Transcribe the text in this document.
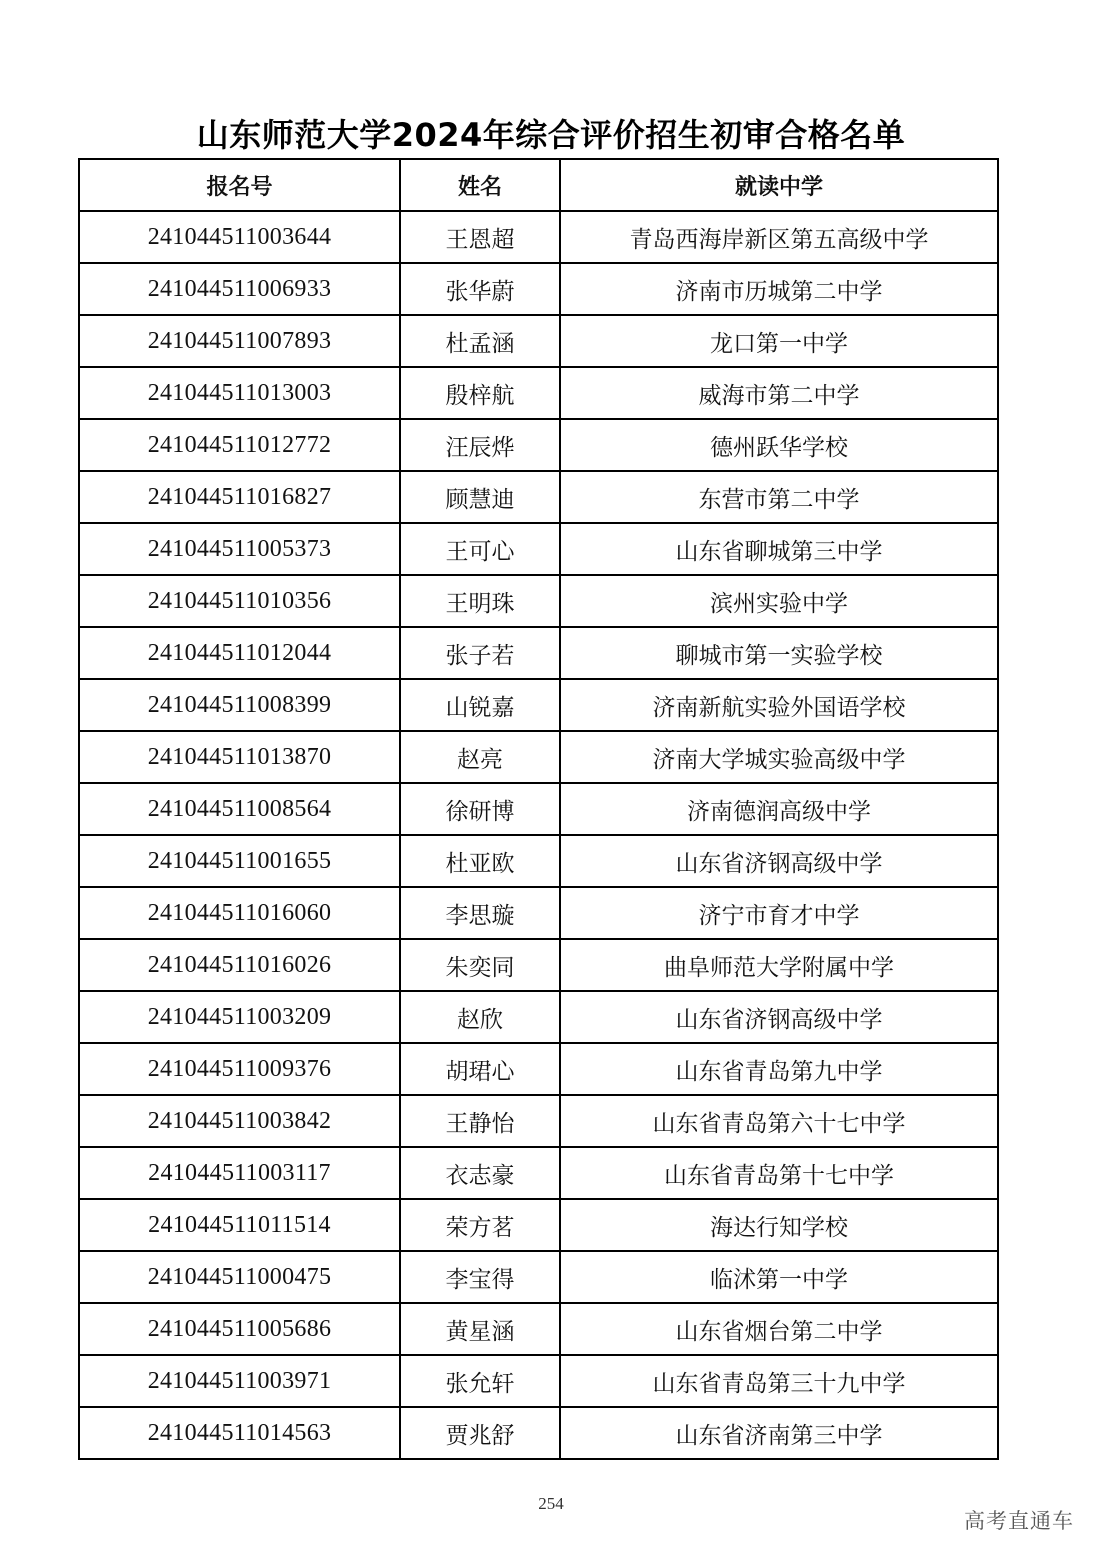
山东师范大学2024年综合评价招生初审合格名单
报名号	姓名	就读中学
241044511003644	王恩超	青岛西海岸新区第五高级中学
241044511006933	张华蔚	济南市历城第二中学
241044511007893	杜孟涵	龙口第一中学
241044511013003	殷梓航	威海市第二中学
241044511012772	汪辰烨	德州跃华学校
241044511016827	顾慧迪	东营市第二中学
241044511005373	王可心	山东省聊城第三中学
241044511010356	王明珠	滨州实验中学
241044511012044	张子若	聊城市第一实验学校
241044511008399	山锐嘉	济南新航实验外国语学校
241044511013870	赵亮	济南大学城实验高级中学
241044511008564	徐研博	济南德润高级中学
241044511001655	杜亚欧	山东省济钢高级中学
241044511016060	李思璇	济宁市育才中学
241044511016026	朱奕同	曲阜师范大学附属中学
241044511003209	赵欣	山东省济钢高级中学
241044511009376	胡珺心	山东省青岛第九中学
241044511003842	王静怡	山东省青岛第六十七中学
241044511003117	衣志豪	山东省青岛第十七中学
241044511011514	荣方茗	海达行知学校
241044511000475	李宝得	临沭第一中学
241044511005686	黄星涵	山东省烟台第二中学
241044511003971	张允轩	山东省青岛第三十九中学
241044511014563	贾兆舒	山东省济南第三中学
254
高考直通车
